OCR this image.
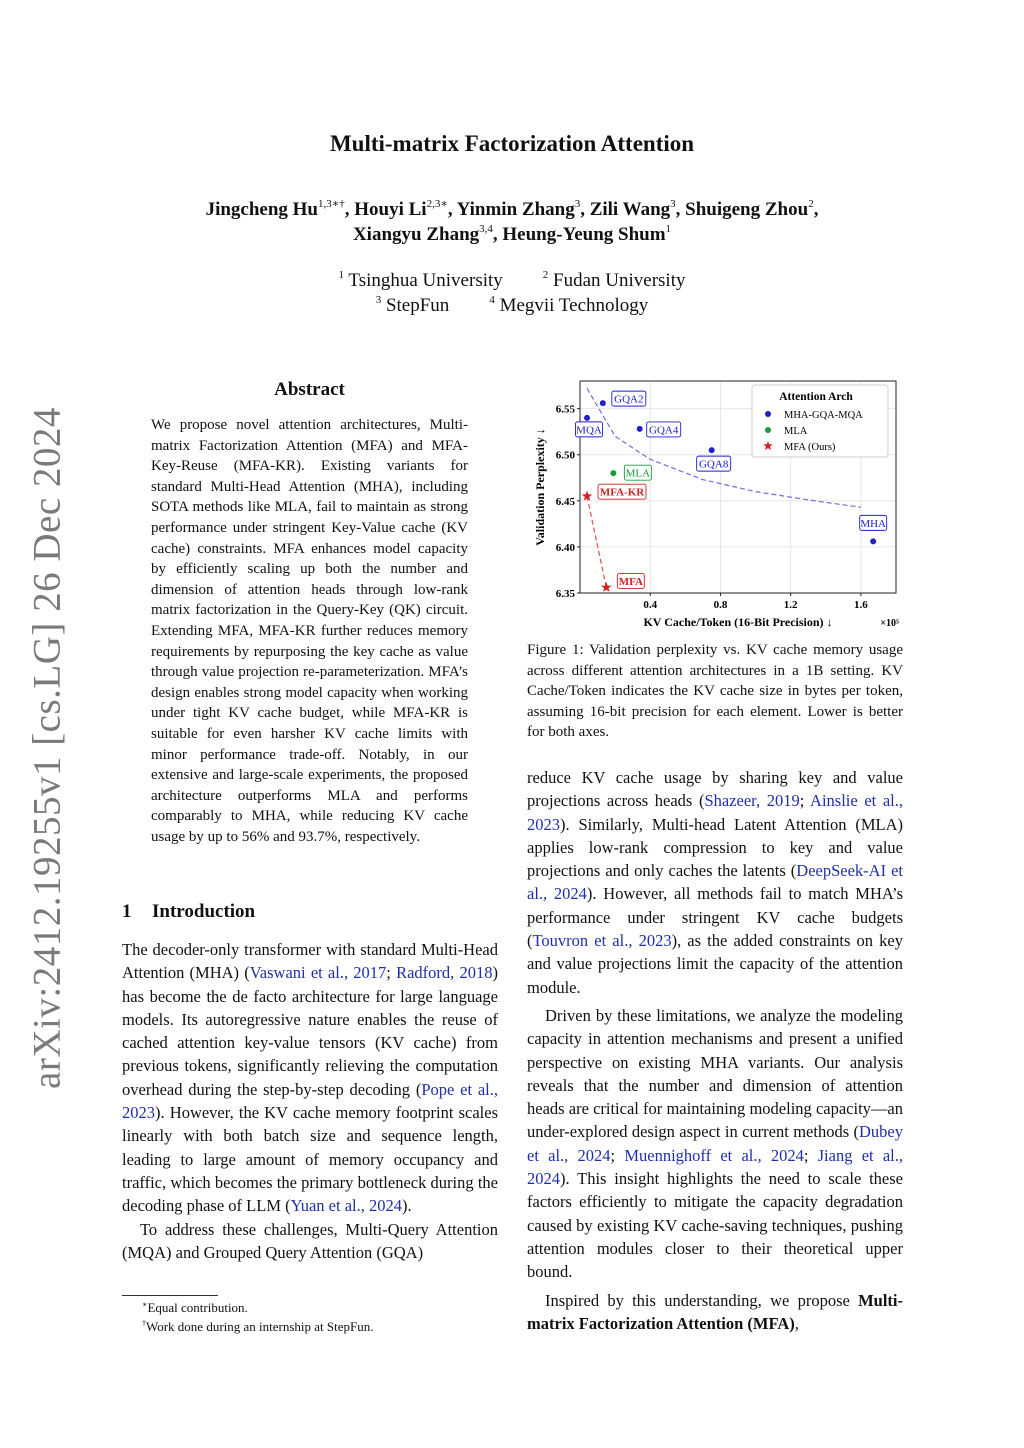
arXiv:2412.19255v1 [cs.LG] 26 Dec 2024
Multi-matrix Factorization Attention
Jingcheng $Hu^{1,3∗\dagger}$, Houyi $Li^{2,3∗}$, Yinmin Zhang$^3$, Zili Wang$^3$, Shuigeng Zhou$^2$,
Xiangyu Zhang$^{3,4}$, Heung-Yeung Shum$^1$
$^1$ Tsinghua University	$^2$ Fudan University
$^3$ StepFun	$^4$ Megvii Technology
Abstract
We propose novel attention architectures, Multi-matrix Factorization Attention (MFA) and MFA-Key-Reuse (MFA-KR). Existing variants for standard Multi-Head Attention (MHA), including SOTA methods like MLA, fail to maintain as strong performance under stringent Key-Value cache (KV cache) constraints. MFA enhances model capacity by efficiently scaling up both the number and dimension of attention heads through low-rank matrix factorization in the Query-Key (QK) circuit. Extending MFA, MFA-KR further reduces memory requirements by repurposing the key cache as value through value projection re-parameterization. MFA’s design enables strong model capacity when working under tight KV cache budget, while MFA-KR is suitable for even harsher KV cache limits with minor performance trade-off. Notably, in our extensive and large-scale experiments, the proposed architecture outperforms MLA and performs comparably to MHA, while reducing KV cache usage by up to 56% and 93.7%, respectively.
1 Introduction

The decoder-only transformer with standard Multi-Head Attention (MHA) (Vaswani et al., 2017; Radford, 2018) has become the de facto architecture for large language models. Its autoregressive nature enables the reuse of cached attention key-value tensors (KV cache) from previous tokens, significantly relieving the computation overhead during the step-by-step decoding (Pope et al., 2023). However, the KV cache memory footprint scales linearly with both batch size and sequence length, leading to large amount of memory occupancy and traffic, which becomes the primary bottleneck during the decoding phase of LLM (Yuan et al., 2024).

To address these challenges, Multi-Query Attention (MQA) and Grouped Query Attention (GQA)

∗Equal contribution.
†Work done during an internship at StepFun.
0.4	0.8	1.2	1.6
6.35
6.40
6.45
6.50
6.55
×10⁵
KV Cache/Token (16-Bit Precision) ↓
Validation Perplexity ↓	MQA
GQA2
GQA4
GQA8
MHA
MLA
MFA-KR
MFA
Attention Arch
MHA-GQA-MQA
MLA
MFA (Ours)
Figure 1: Validation perplexity vs. KV cache memory usage across different attention architectures in a 1B setting. KV Cache/Token indicates the KV cache size in bytes per token, assuming 16-bit precision for each element. Lower is better for both axes.

reduce KV cache usage by sharing key and value projections across heads (Shazeer, 2019; Ainslie et al., 2023). Similarly, Multi-head Latent Attention (MLA) applies low-rank compression to key and value projections and only caches the latents (DeepSeek-AI et al., 2024). However, all methods fail to match MHA’s performance under stringent KV cache budgets (Touvron et al., 2023), as the added constraints on key and value projections limit the capacity of the attention module.

Driven by these limitations, we analyze the modeling capacity in attention mechanisms and present a unified perspective on existing MHA variants. Our analysis reveals that the number and dimension of attention heads are critical for maintaining modeling capacity—an under-explored design aspect in current methods (Dubey et al., 2024; Muennighoff et al., 2024; Jiang et al., 2024). This insight highlights the need to scale these factors efficiently to mitigate the capacity degradation caused by existing KV cache-saving techniques, pushing attention modules closer to their theoretical upper bound.

Inspired by this understanding, we propose Multi-matrix Factorization Attention (MFA),
